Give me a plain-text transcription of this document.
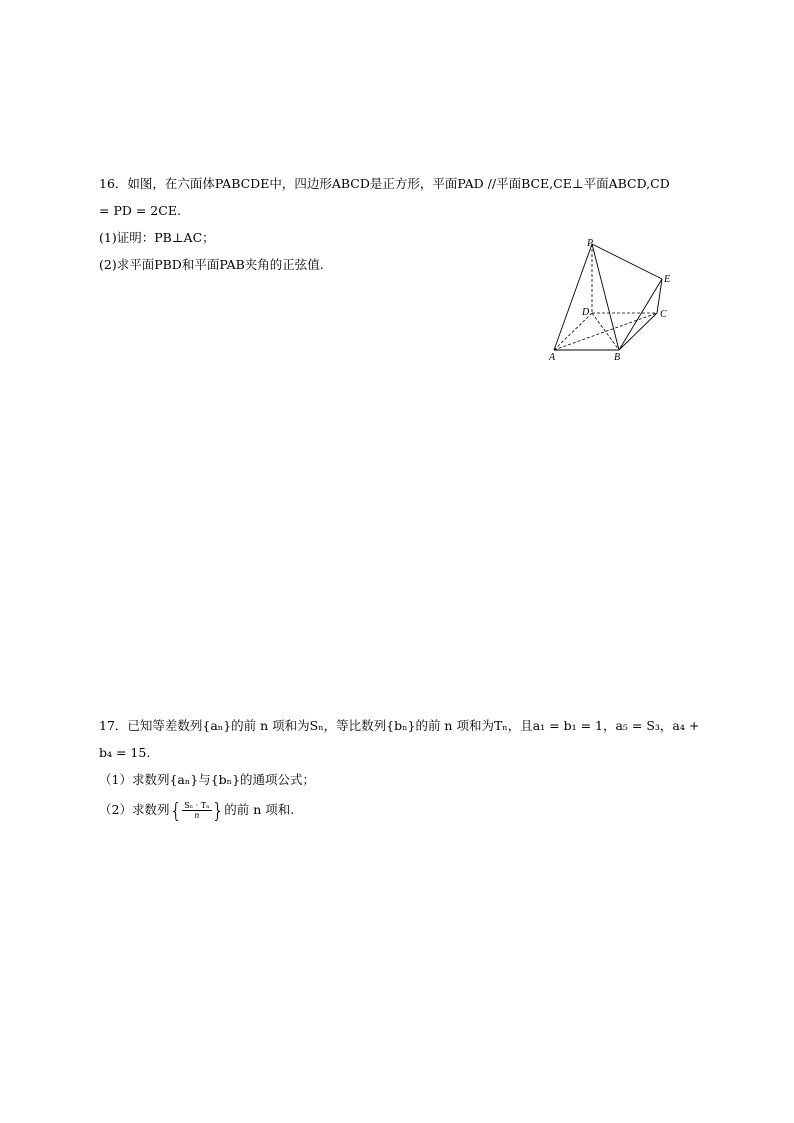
16．如图，在六面体PABCDE中，四边形ABCD是正方形，平面PAD //平面BCE,CE⊥平面ABCD,CD
= PD = 2CE.
(1)证明：PB⊥AC；
(2)求平面PBD和平面PAB夹角的正弦值.
P
E
D	C
A	B
17．已知等差数列{aₙ}的前 n 项和为Sₙ，等比数列{bₙ}的前 n 项和为Tₙ，且a₁ = b₁ = 1，a₅ = S₃，a₄ +
b₄ = 15.
（1）求数列{aₙ}与{bₙ}的通项公式；
（2）求数列{ $\frac{\text{Sₙ · Tₙ}}{n}$ }的前 n 项和.
